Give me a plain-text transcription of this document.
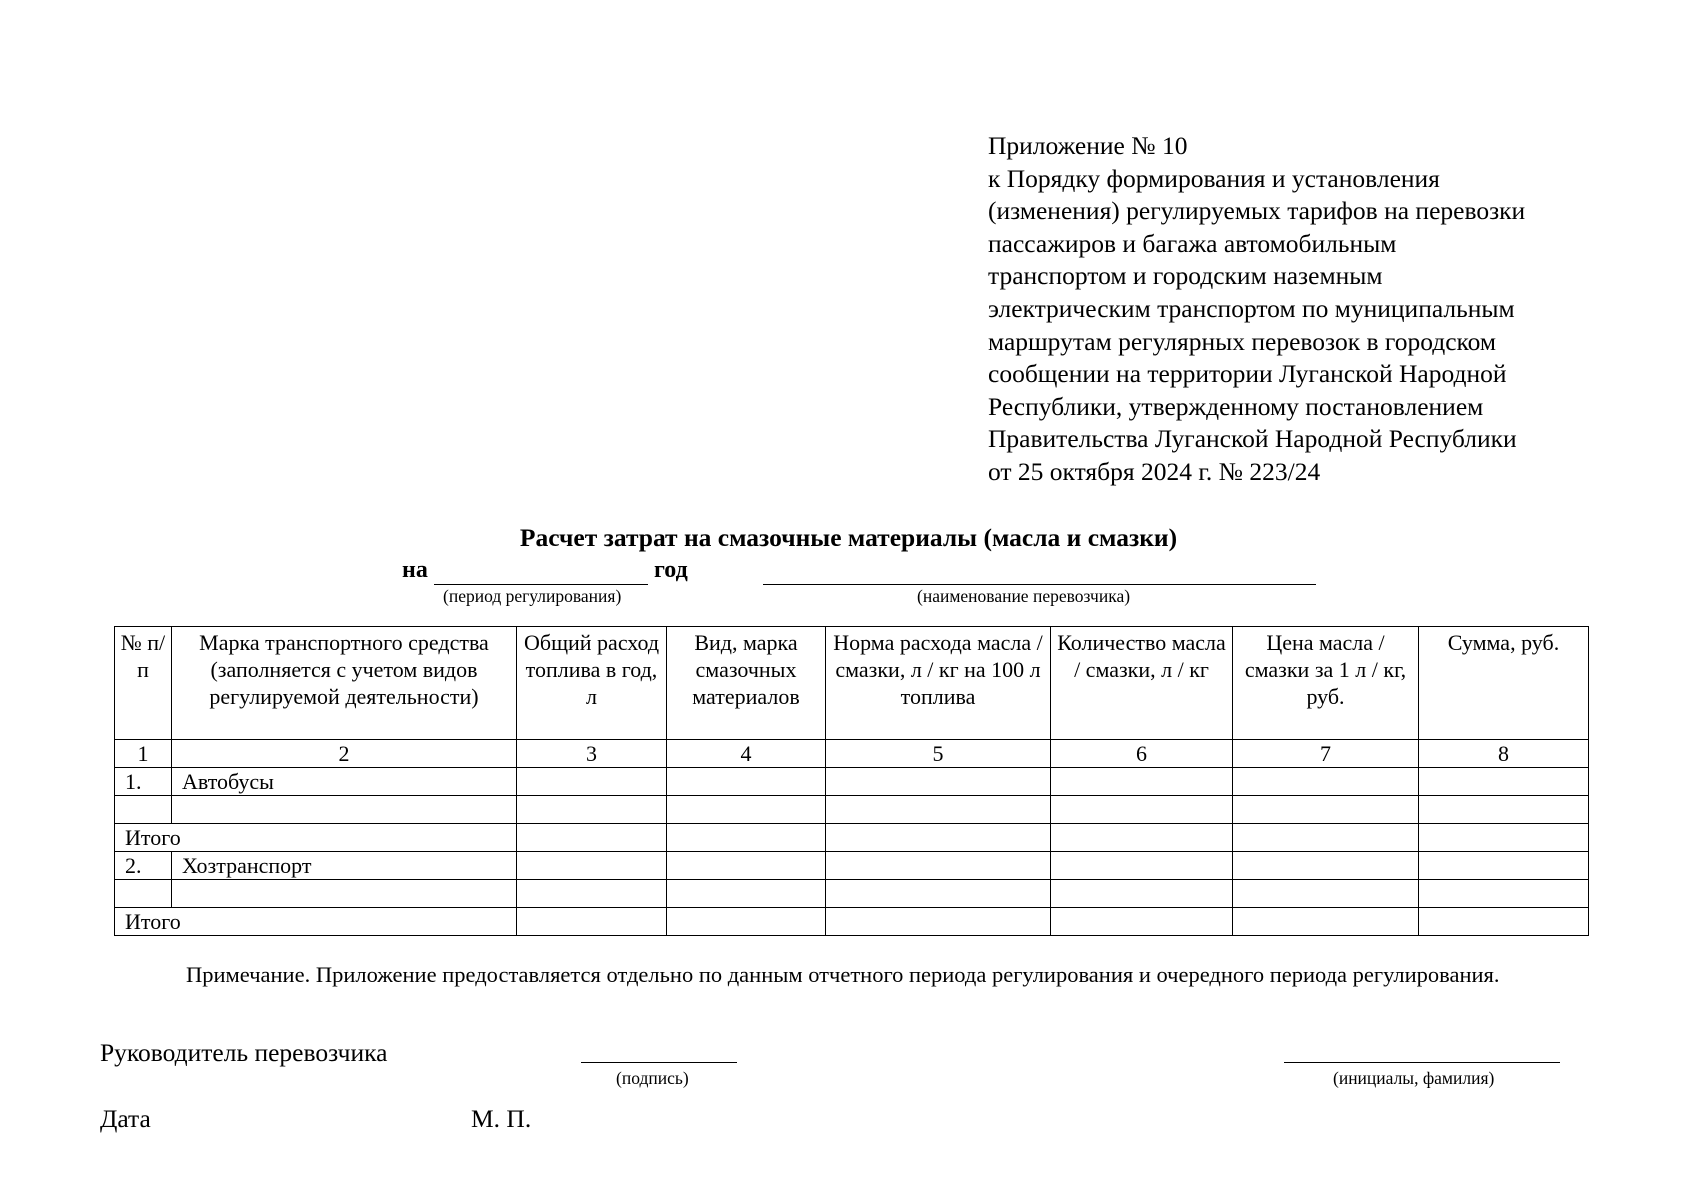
Приложение № 10
к Порядку формирования и установления
(изменения) регулируемых тарифов на перевозки
пассажиров и багажа автомобильным
транспортом и городским наземным
электрическим транспортом по муниципальным
маршрутам регулярных перевозок в городском
сообщении на территории Луганской Народной
Республики, утвержденному постановлением
Правительства Луганской Народной Республики
от 25 октября 2024 г. № 223/24
Расчет затрат на смазочные материалы (масла и смазки)
на	год
(период регулирования)	(наименование перевозчика)
№ п/п	Марка транспортного средства (заполняется с учетом видов регулируемой деятельности)	Общий расход топлива в год, л	Вид, марка смазочных материалов	Норма расхода масла / смазки, л / кг на 100 л топлива	Количество масла / смазки, л / кг	Цена масла / смазки за 1 л / кг, руб.	Сумма, руб.
1	2	3	4	5	6	7	8
1.	Автобусы						

Итого							
2.	Хозтранспорт						

Итого							
Примечание. Приложение предоставляется отдельно по данным отчетного периода регулирования и очередного периода регулирования.
Руководитель перевозчика
(подпись)	(инициалы, фамилия)
Дата	М. П.
